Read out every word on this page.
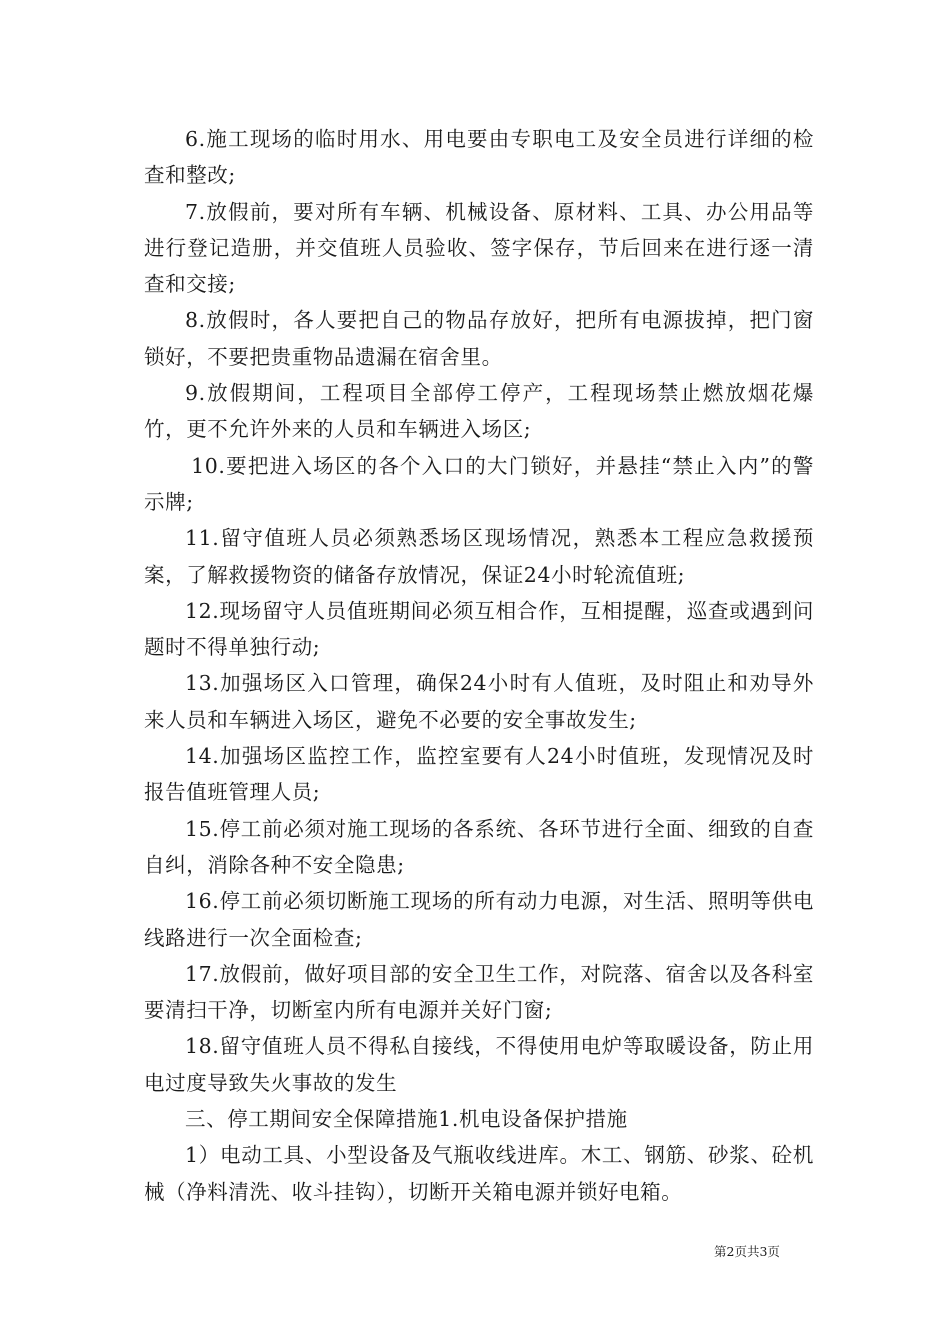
6.施工现场的临时用水、用电要由专职电工及安全员进行详细的检查和整改;

7.放假前，要对所有车辆、机械设备、原材料、工具、办公用品等进行登记造册，并交值班人员验收、签字保存，节后回来在进行逐一清查和交接;

8.放假时，各人要把自己的物品存放好，把所有电源拔掉，把门窗锁好，不要把贵重物品遗漏在宿舍里。

9.放假期间，工程项目全部停工停产，工程现场禁止燃放烟花爆竹，更不允许外来的人员和车辆进入场区;

10.要把进入场区的各个入口的大门锁好，并悬挂“禁止入内”的警示牌;

11.留守值班人员必须熟悉场区现场情况，熟悉本工程应急救援预案，了解救援物资的储备存放情况，保证24小时轮流值班;

12.现场留守人员值班期间必须互相合作，互相提醒，巡查或遇到问题时不得单独行动;

13.加强场区入口管理，确保24小时有人值班，及时阻止和劝导外来人员和车辆进入场区，避免不必要的安全事故发生;

14.加强场区监控工作，监控室要有人24小时值班，发现情况及时报告值班管理人员;

15.停工前必须对施工现场的各系统、各环节进行全面、细致的自查自纠，消除各种不安全隐患;

16.停工前必须切断施工现场的所有动力电源，对生活、照明等供电线路进行一次全面检查;

17.放假前，做好项目部的安全卫生工作，对院落、宿舍以及各科室要清扫干净，切断室内所有电源并关好门窗;

18.留守值班人员不得私自接线，不得使用电炉等取暖设备，防止用电过度导致失火事故的发生

三、停工期间安全保障措施1.机电设备保护措施

1）电动工具、小型设备及气瓶收线进库。木工、钢筋、砂浆、砼机械（净料清洗、收斗挂钩），切断开关箱电源并锁好电箱。

第2页共3页
